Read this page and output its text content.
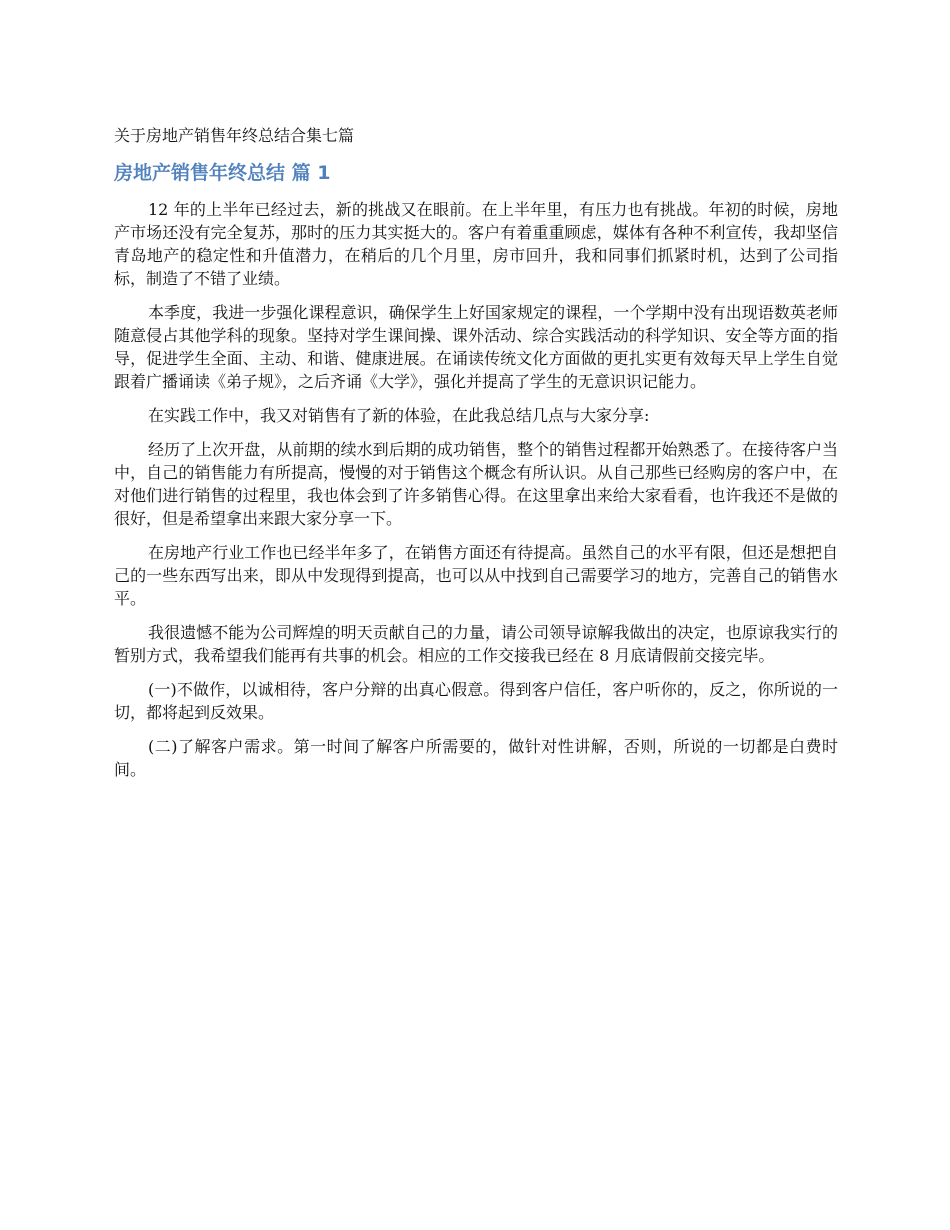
关于房地产销售年终总结合集七篇
房地产销售年终总结 篇 1

12 年的上半年已经过去，新的挑战又在眼前。在上半年里，有压力也有挑战。年初的时候，房地产市场还没有完全复苏，那时的压力其实挺大的。客户有着重重顾虑，媒体有各种不利宣传，我却坚信青岛地产的稳定性和升值潜力，在稍后的几个月里，房市回升，我和同事们抓紧时机，达到了公司指标，制造了不错了业绩。

本季度，我进一步强化课程意识，确保学生上好国家规定的课程，一个学期中没有出现语数英老师随意侵占其他学科的现象。坚持对学生课间操、课外活动、综合实践活动的科学知识、安全等方面的指导，促进学生全面、主动、和谐、健康进展。在诵读传统文化方面做的更扎实更有效每天早上学生自觉跟着广播诵读《弟子规》，之后齐诵《大学》，强化并提高了学生的无意识识记能力。

在实践工作中，我又对销售有了新的体验，在此我总结几点与大家分享:

经历了上次开盘，从前期的续水到后期的成功销售，整个的销售过程都开始熟悉了。在接待客户当中，自己的销售能力有所提高，慢慢的对于销售这个概念有所认识。从自己那些已经购房的客户中，在对他们进行销售的过程里，我也体会到了许多销售心得。在这里拿出来给大家看看，也许我还不是做的很好，但是希望拿出来跟大家分享一下。

在房地产行业工作也已经半年多了，在销售方面还有待提高。虽然自己的水平有限，但还是想把自己的一些东西写出来，即从中发现得到提高，也可以从中找到自己需要学习的地方，完善自己的销售水平。

我很遗憾不能为公司辉煌的明天贡献自己的力量，请公司领导谅解我做出的决定，也原谅我实行的暂别方式，我希望我们能再有共事的机会。相应的工作交接我已经在 8 月底请假前交接完毕。

(一)不做作，以诚相待，客户分辩的出真心假意。得到客户信任，客户听你的，反之，你所说的一切，都将起到反效果。

(二)了解客户需求。第一时间了解客户所需要的，做针对性讲解，否则，所说的一切都是白费时间。
